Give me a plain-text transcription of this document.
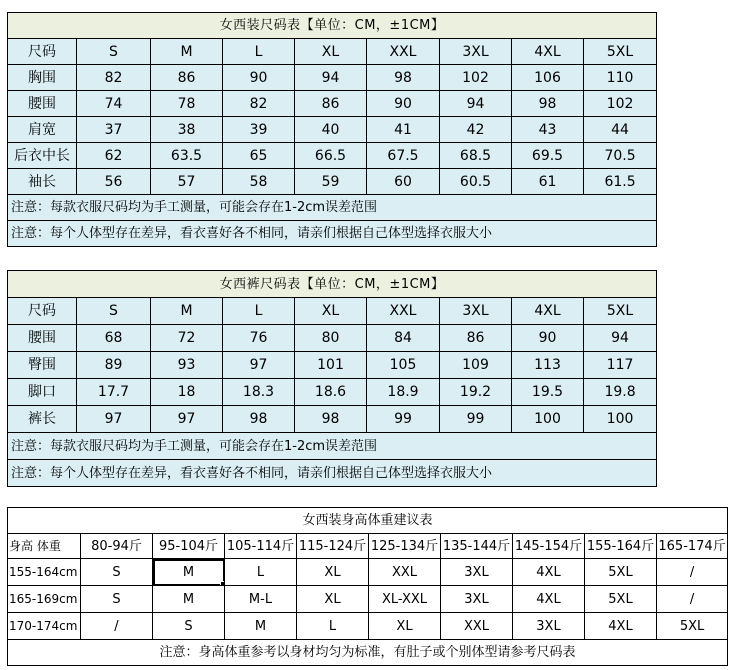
女西装尺码表【单位：CM，±1CM】								
尺码	S	M	L	XL	XXL	3XL	4XL	5XL
胸围	82	86	90	94	98	102	106	110
腰围	74	78	82	86	90	94	98	102
肩宽	37	38	39	40	41	42	43	44
后衣中长	62	63.5	65	66.5	67.5	68.5	69.5	70.5
袖长	56	57	58	59	60	60.5	61	61.5
注意：每款衣服尺码均为手工测量，可能会存在1-2cm误差范围								
注意：每个人体型存在差异，看衣喜好各不相同，请亲们根据自己体型选择衣服大小								
女西裤尺码表【单位：CM，±1CM】								
尺码	S	M	L	XL	XXL	3XL	4XL	5XL
腰围	68	72	76	80	84	86	90	94
臀围	89	93	97	101	105	109	113	117
脚口	17.7	18	18.3	18.6	18.9	19.2	19.5	19.8
裤长	97	97	98	98	99	99	100	100
注意：每款衣服尺码均为手工测量，可能会存在1-2cm误差范围								
注意：每个人体型存在差异，看衣喜好各不相同，请亲们根据自己体型选择衣服大小								
女西装身高体重建议表									
身高 体重	80-94斤	95-104斤	105-114斤	115-124斤	125-134斤	135-144斤	145-154斤	155-164斤	165-174斤
155-164cm	S	M	L	XL	XXL	3XL	4XL	5XL	/
165-169cm	S	M	M-L	XL	XL-XXL	3XL	4XL	5XL	/
170-174cm	/	S	M	L	XL	XXL	3XL	4XL	5XL
注意：身高体重参考以身材均匀为标准，有肚子或个别体型请参考尺码表									
